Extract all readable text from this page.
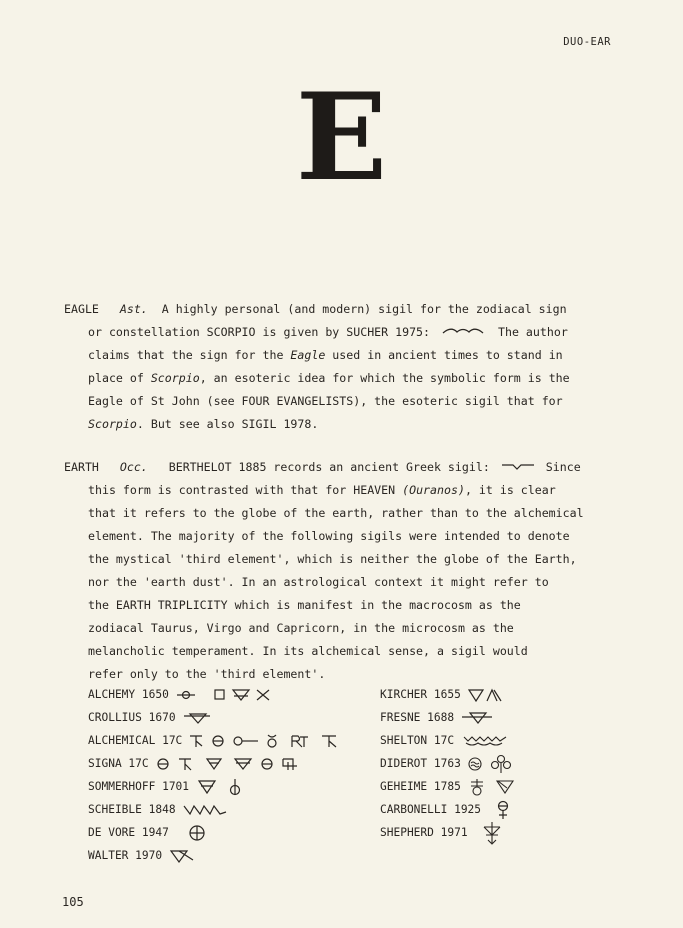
DUO-EAR
E
EAGLE Ast. A highly personal (and modern) sigil for the zodiacal sign
or constellation SCORPIO is given by SUCHER 1975:	The author
claims that the sign for the Eagle used in ancient times to stand in
place of Scorpio, an esoteric idea for which the symbolic form is the
Eagle of St John (see FOUR EVANGELISTS), the esoteric sigil that for
Scorpio. But see also SIGIL 1978.
EARTH Occ. BERTHELOT 1885 records an ancient Greek sigil:	Since
this form is contrasted with that for HEAVEN (Ouranos), it is clear
that it refers to the globe of the earth, rather than to the alchemical
element. The majority of the following sigils were intended to denote
the mystical 'third element', which is neither the globe of the Earth,
nor the 'earth dust'. In an astrological context it might refer to
the EARTH TRIPLICITY which is manifest in the macrocosm as the
zodiacal Taurus, Virgo and Capricorn, in the microcosm as the
melancholic temperament. In its alchemical sense, a sigil would
refer only to the 'third element'.
ALCHEMY 1650
CROLLIUS 1670
ALCHEMICAL 17C
SIGNA 17C
SOMMERHOFF 1701
SCHEIBLE 1848
DE VORE 1947
WALTER 1970
KIRCHER 1655
FRESNE 1688
SHELTON 17C
DIDEROT 1763
GEHEIME 1785
CARBONELLI 1925
SHEPHERD 1971
105
